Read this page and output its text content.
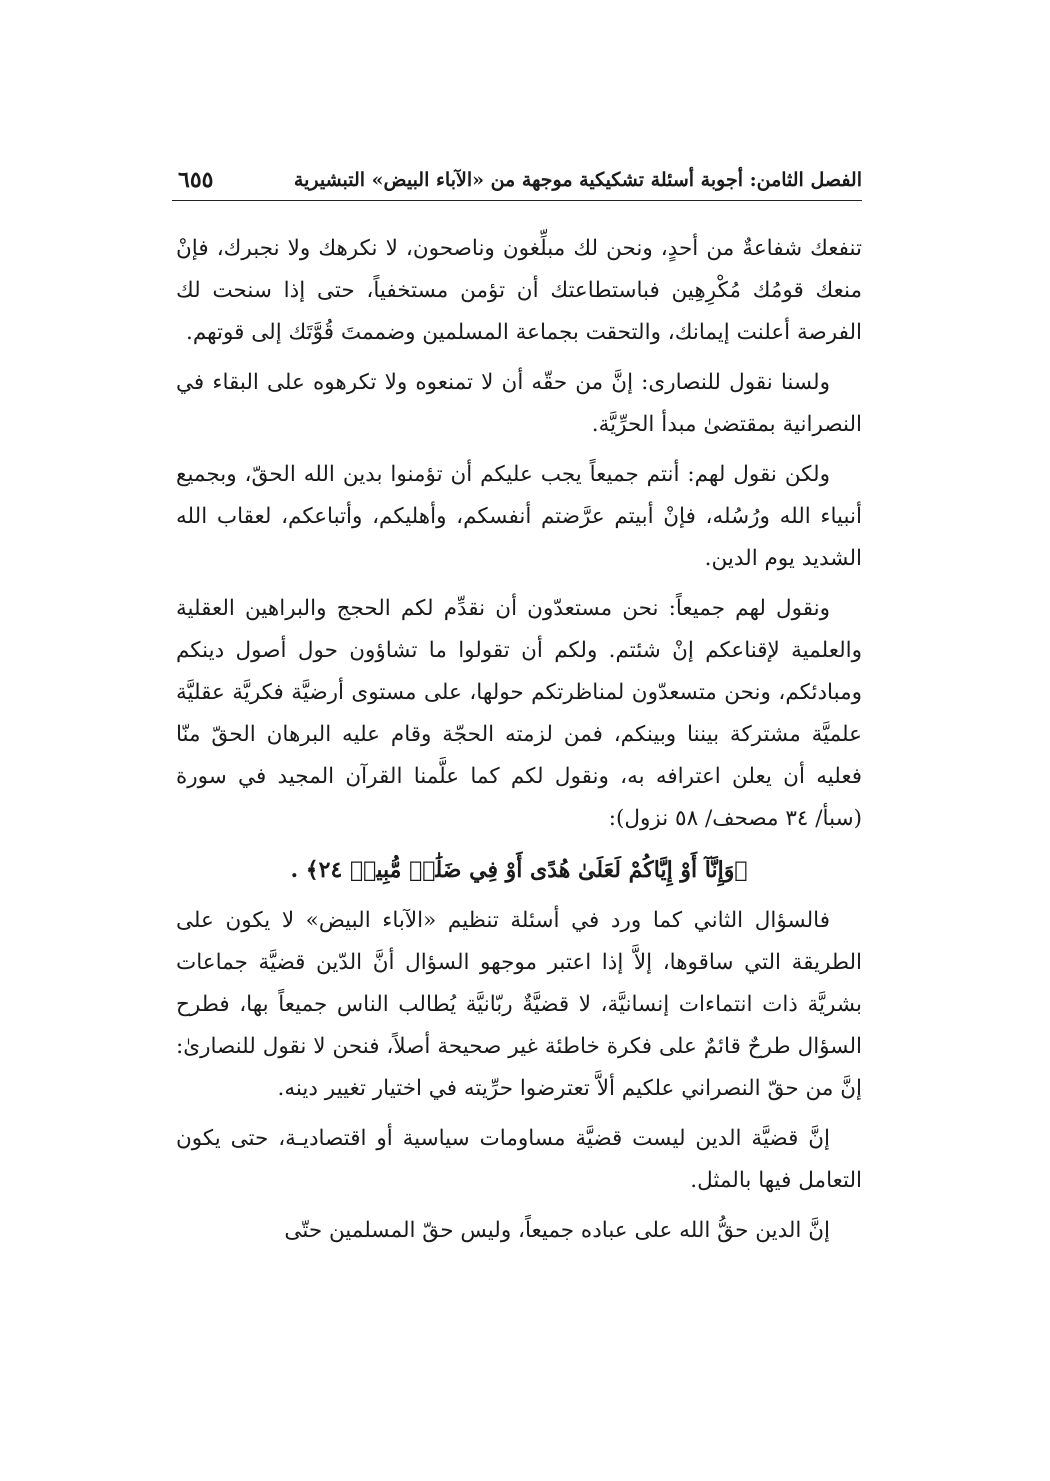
الفصل الثامن: أجوبة أسئلة تشكيكية موجهة من «الآباء البيض» التبشيرية
٦٥٥

تنفعك شفاعةٌ من أحدٍ، ونحن لك مبلِّغون وناصحون، لا نكرهك ولا نجبرك، فإنْ منعك قومُك مُكْرِهِين فباستطاعتك أن تؤمن مستخفياً، حتى إذا سنحت لك الفرصة أعلنت إيمانك، والتحقت بجماعة المسلمين وضممتَ قُوَّتَك إلى قوتهم.

ولسنا نقول للنصارى: إنَّ من حقّه أن لا تمنعوه ولا تكرهوه على البقاء في النصرانية بمقتضىٰ مبدأ الحرِّيَّة.

ولكن نقول لهم: أنتم جميعاً يجب عليكم أن تؤمنوا بدين الله الحقّ، وبجميع أنبياء الله ورُسُله، فإنْ أبيتم عرَّضتم أنفسكم، وأهليكم، وأتباعكم، لعقاب الله الشديد يوم الدين.

ونقول لهم جميعاً: نحن مستعدّون أن نقدِّم لكم الحجج والبراهين العقلية والعلمية لإقناعكم إنْ شئتم. ولكم أن تقولوا ما تشاؤون حول أصول دينكم ومبادئكم، ونحن متسعدّون لمناظرتكم حولها، على مستوى أرضيَّة فكريَّة عقليَّة علميَّة مشتركة بيننا وبينكم، فمن لزمته الحجّة وقام عليه البرهان الحقّ منّا فعليه أن يعلن اعترافه به، ونقول لكم كما علَّمنا القرآن المجيد في سورة (سبأ/ ٣٤ مصحف/ ٥٨ نزول):

﴿وَإِنَّآ أَوْ إِيَّاكُمْ لَعَلَىٰ هُدًى أَوْ فِي ضَلَٰلٖ مُّبِينٖ ٢٤﴾ .

فالسؤال الثاني كما ورد في أسئلة تنظيم «الآباء البيض» لا يكون على الطريقة التي ساقوها، إلاَّ إذا اعتبر موجهو السؤال أنَّ الدّين قضيَّة جماعات بشريَّة ذات انتماءات إنسانيَّة، لا قضيَّةٌ ربّانيَّة يُطالب الناس جميعاً بها، فطرح السؤال طرحٌ قائمٌ على فكرة خاطئة غير صحيحة أصلاً، فنحن لا نقول للنصارىٰ: إنَّ من حقّ النصراني علكيم ألاَّ تعترضوا حرِّيته في اختيار تغيير دينه.

إنَّ قضيَّة الدين ليست قضيَّة مساومات سياسية أو اقتصاديـة، حتى يكون التعامل فيها بالمثل.

إنَّ الدين حقُّ الله على عباده جميعاً، وليس حقّ المسلمين حتّى
